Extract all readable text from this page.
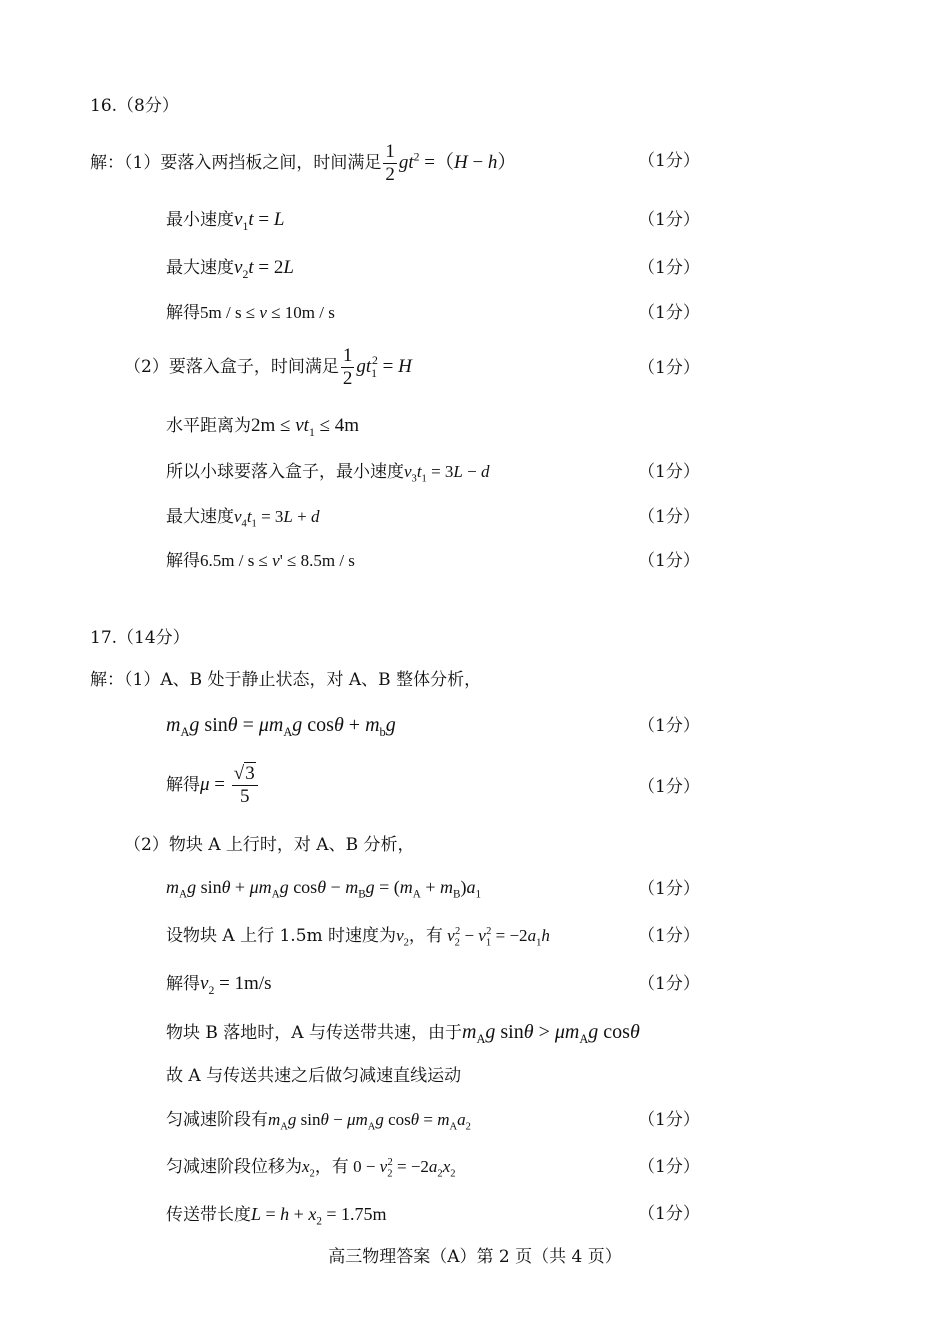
16.（8分）
解：（1）要落入两挡板之间，时间满足 $\frac{1}{2} gt^2 =(H - h)$	（1分）
最小速度$v_1t = L$	（1分）
最大速度$v_2t = 2L$	（1分）
解得5m / s ≤ v ≤ 10m / s	（1分）
（2）要落入盒子，时间满足 $\frac{1}{2} gt_1^2 = H$	（1分）
水平距离为$2m \le vt_1 \le 4m$
所以小球要落入盒子，最小速度$v_3t_1 = 3L - d$	（1分）
最大速度$v_4t_1 = 3L + d$	（1分）
解得6.5m / s ≤ v' ≤ 8.5m / s	（1分）
17.（14分）
解：（1）A、B 处于静止状态，对 A、B 整体分析，
$m_Ag$ $\sin\theta = \mu m_Ag$ $\cos\theta + m_bg$	（1分）
解得$\mu = \frac{√3}{5}$	（1分）
（2）物块 A 上行时，对 A、B 分析，
$m_Ag$ $\sin\theta + \mu m_Ag$ $\cos\theta - m_Bg = (m_A + m_B)a_1$	（1分）
设物块 A 上行 1.5m 时速度为$v_2$，有 $v_2^2 - v_1^2 = -2a_1h$	（1分）
解得$v_2 = 1m/s$	（1分）
物块 B 落地时，A 与传送带共速，由于$m_Ag$ $\sin\theta > \mu m_Ag$ cosθ
故 A 与传送共速之后做匀减速直线运动
匀减速阶段有$m_Ag$ $\sin\theta - \mu m_Ag$ $\cos\theta = m_Aa_2$	（1分）
匀减速阶段位移为$x_2$，有 $0 - v_2^2 = -2a_2x_2$	（1分）
传送带长度$L = h + x_2 = 1.75m$	（1分）
高三物理答案（A）第 2 页（共 4 页）
